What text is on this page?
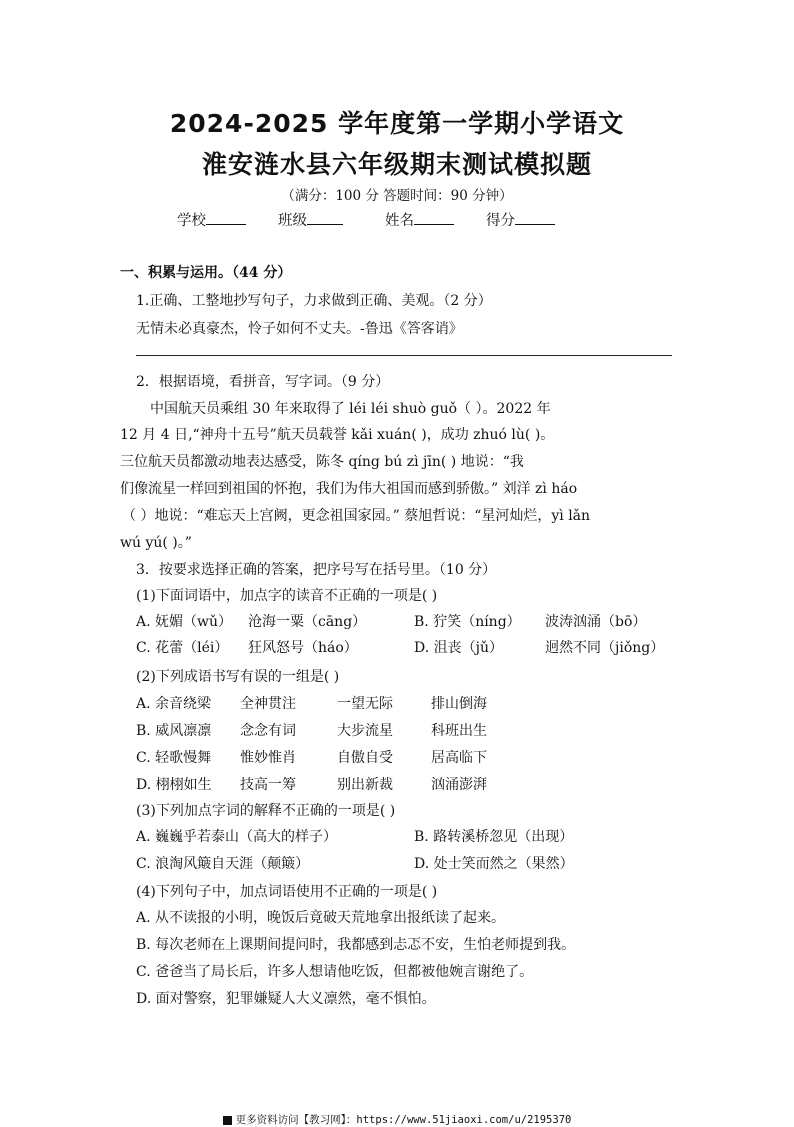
2024-2025 学年度第一学期小学语文
淮安涟水县六年级期末测试模拟题
（满分：100 分 答题时间：90 分钟）
学校	班级	姓名	得分
一、积累与运用。（44 分）
1.正确、工整地抄写句子，力求做到正确、美观。（2 分）
无情未必真豪杰，怜子如何不丈夫。-鲁迅《答客诮》
2．根据语境，看拼音，写字词。（9 分）
中国航天员乘组 30 年来取得了 léi léi shuò guǒ（ ）。2022 年
12 月 4 日,“神舟十五号”航天员载誉 kǎi xuán( )，成功 zhuó lù( )。
三位航天员都激动地表达感受，陈冬 qíng bú zì jīn( ) 地说：“我
们像流星一样回到祖国的怀抱，我们为伟大祖国而感到骄傲。” 刘洋 zì háo
（ ）地说：“难忘天上宫阙，更念祖国家园。” 蔡旭哲说：“星河灿烂，yì lǎn
wú yú( )。”
3．按要求选择正确的答案，把序号写在括号里。（10 分）
(1)下面词语中，加点字的读音不正确的一项是( )
A. 妩媚（wǔ） 沧海一粟（cāng）	B. 狞笑（níng） 波涛汹涌（bō）
C. 花蕾（léi） 狂风怒号（háo）	D. 沮丧（jǔ）	迥然不同（jiǒng）
(2)下列成语书写有误的一组是( )
A. 余音绕梁 全神贯注	一望无际	排山倒海
B. 威风凛凛 念念有词	大步流星	科班出生
C. 轻歌慢舞 惟妙惟肖	自傲自受	居高临下
D. 栩栩如生 技高一筹	别出新裁	汹涌澎湃
(3)下列加点字词的解释不正确的一项是( )
A. 巍巍乎若泰山（高大的样子）	B. 路转溪桥忽见（出现）
C. 浪淘风簸自天涯（颠簸）	D. 处士笑而然之（果然）
(4)下列句子中，加点词语使用不正确的一项是( )
A. 从不读报的小明，晚饭后竟破天荒地拿出报纸读了起来。
B. 每次老师在上课期间提问时，我都感到忐忑不安，生怕老师提到我。
C. 爸爸当了局长后，许多人想请他吃饭，但都被他婉言谢绝了。
D. 面对警察，犯罪嫌疑人大义凛然，毫不惧怕。
更多资料访问【教习网】：https://www.51jiaoxi.com/u/2195370
